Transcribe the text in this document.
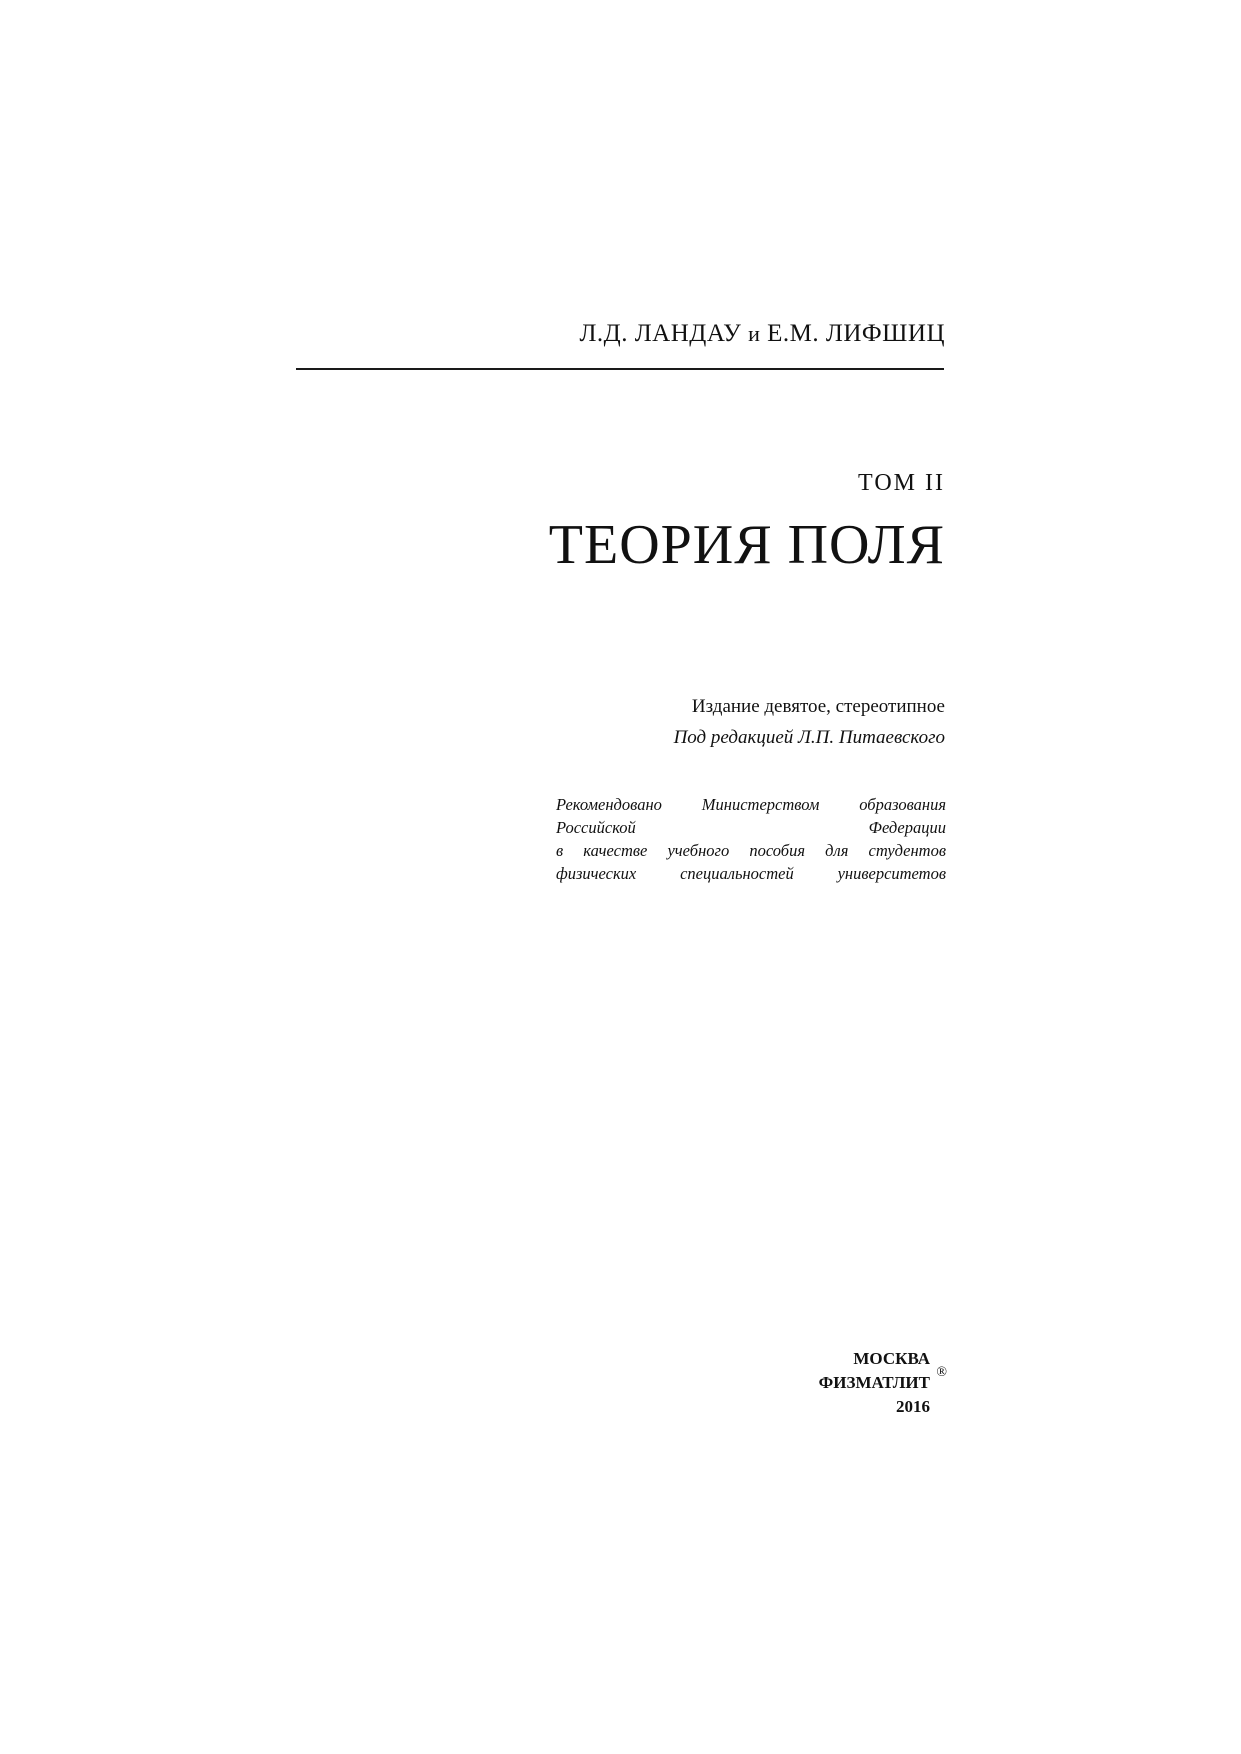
Л.Д. ЛАНДАУ и Е.М. ЛИФШИЦ
ТОМ II
ТЕОРИЯ ПОЛЯ
Издание девятое, стереотипное
Под редакцией Л.П. Питаевского
Рекомендовано Министерством образования
Российской Федерации
в качестве учебного пособия для студентов
физических специальностей университетов
МОСКВА
ФИЗМАТЛИТ
®
2016
